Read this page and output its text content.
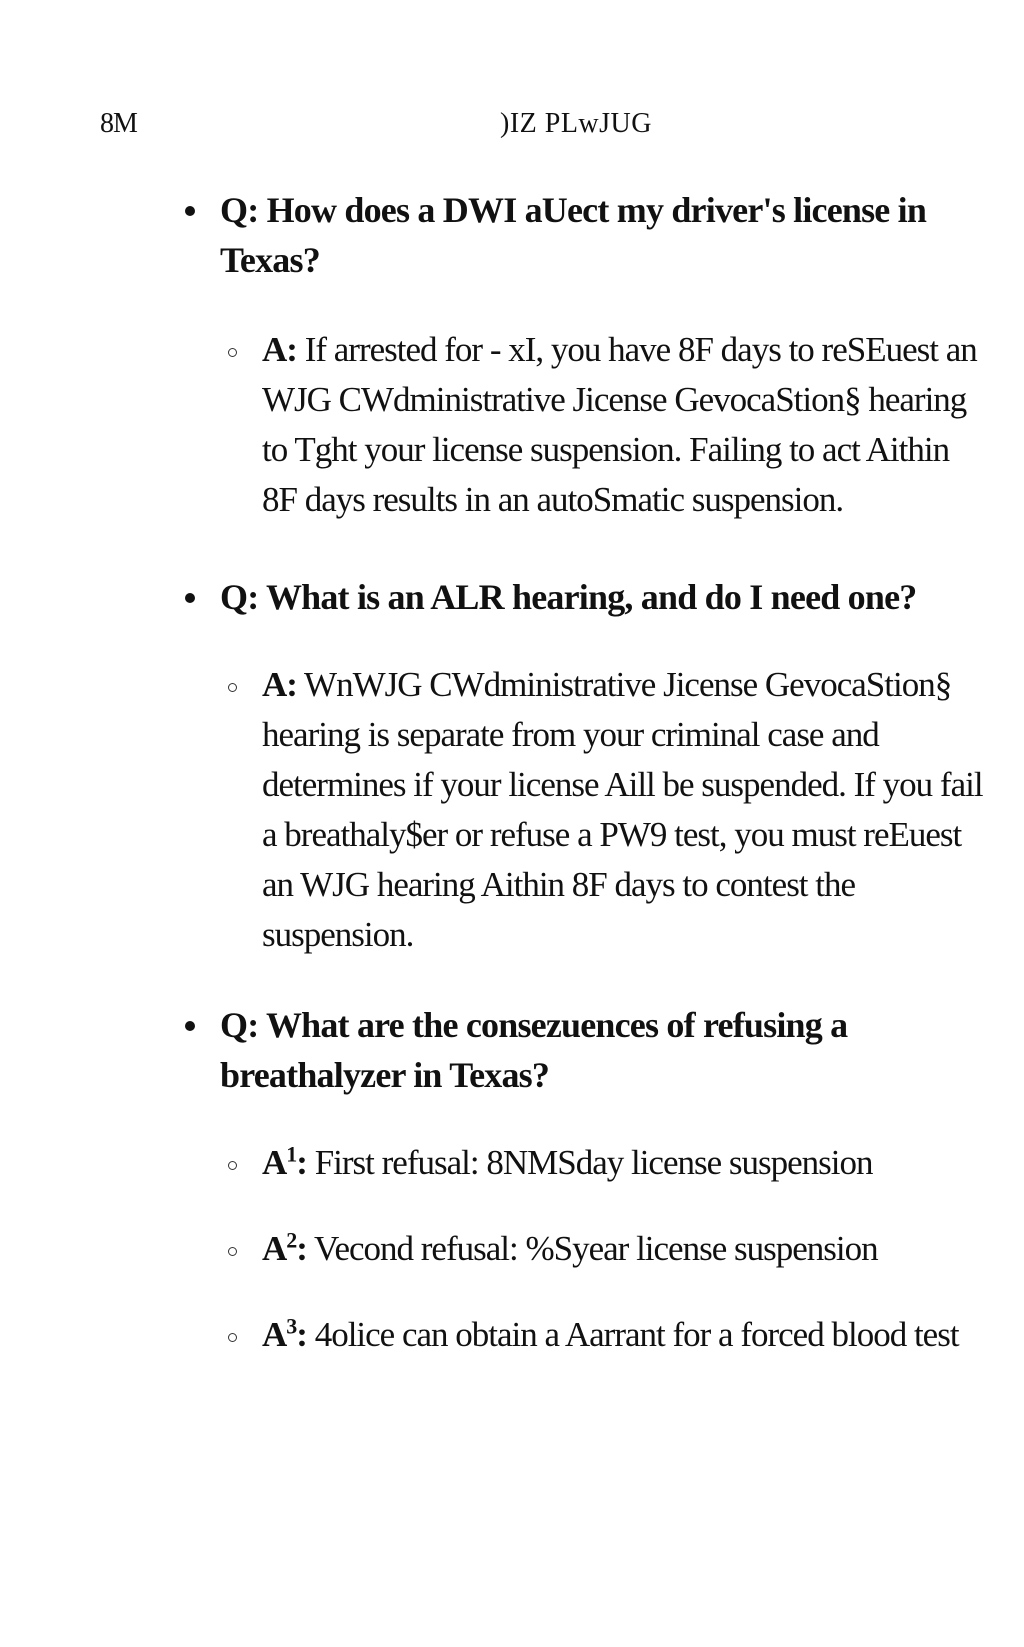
8M	)IZ PLwJUG
Q: How does a DWI aUect my driver's license in Texas?
A: If arrested for - xI, you have 8F days to reSEuest an WJG CWdministrative Jicense GevocaStion§ hearing to Tght your license suspension. Failing to act Aithin 8F days results in an autoSmatic suspension.
Q: What is an ALR hearing, and do I need one?
A: WnWJG CWdministrative Jicense GevocaStion§ hearing is separate from your criminal case and determines if your license Aill be suspended. If you fail a breathaly$er or refuse a PW9 test, you must reEuest an WJG hearing Aithin 8F days to contest the suspension.
Q: What are the consezuences of refusing a breathalyzer in Texas?
$A^1$: First refusal: 8NMSday license suspension
$A^2$: Vecond refusal: %Syear license suspension
$A^3$: 4olice can obtain a Aarrant for a forced blood test
